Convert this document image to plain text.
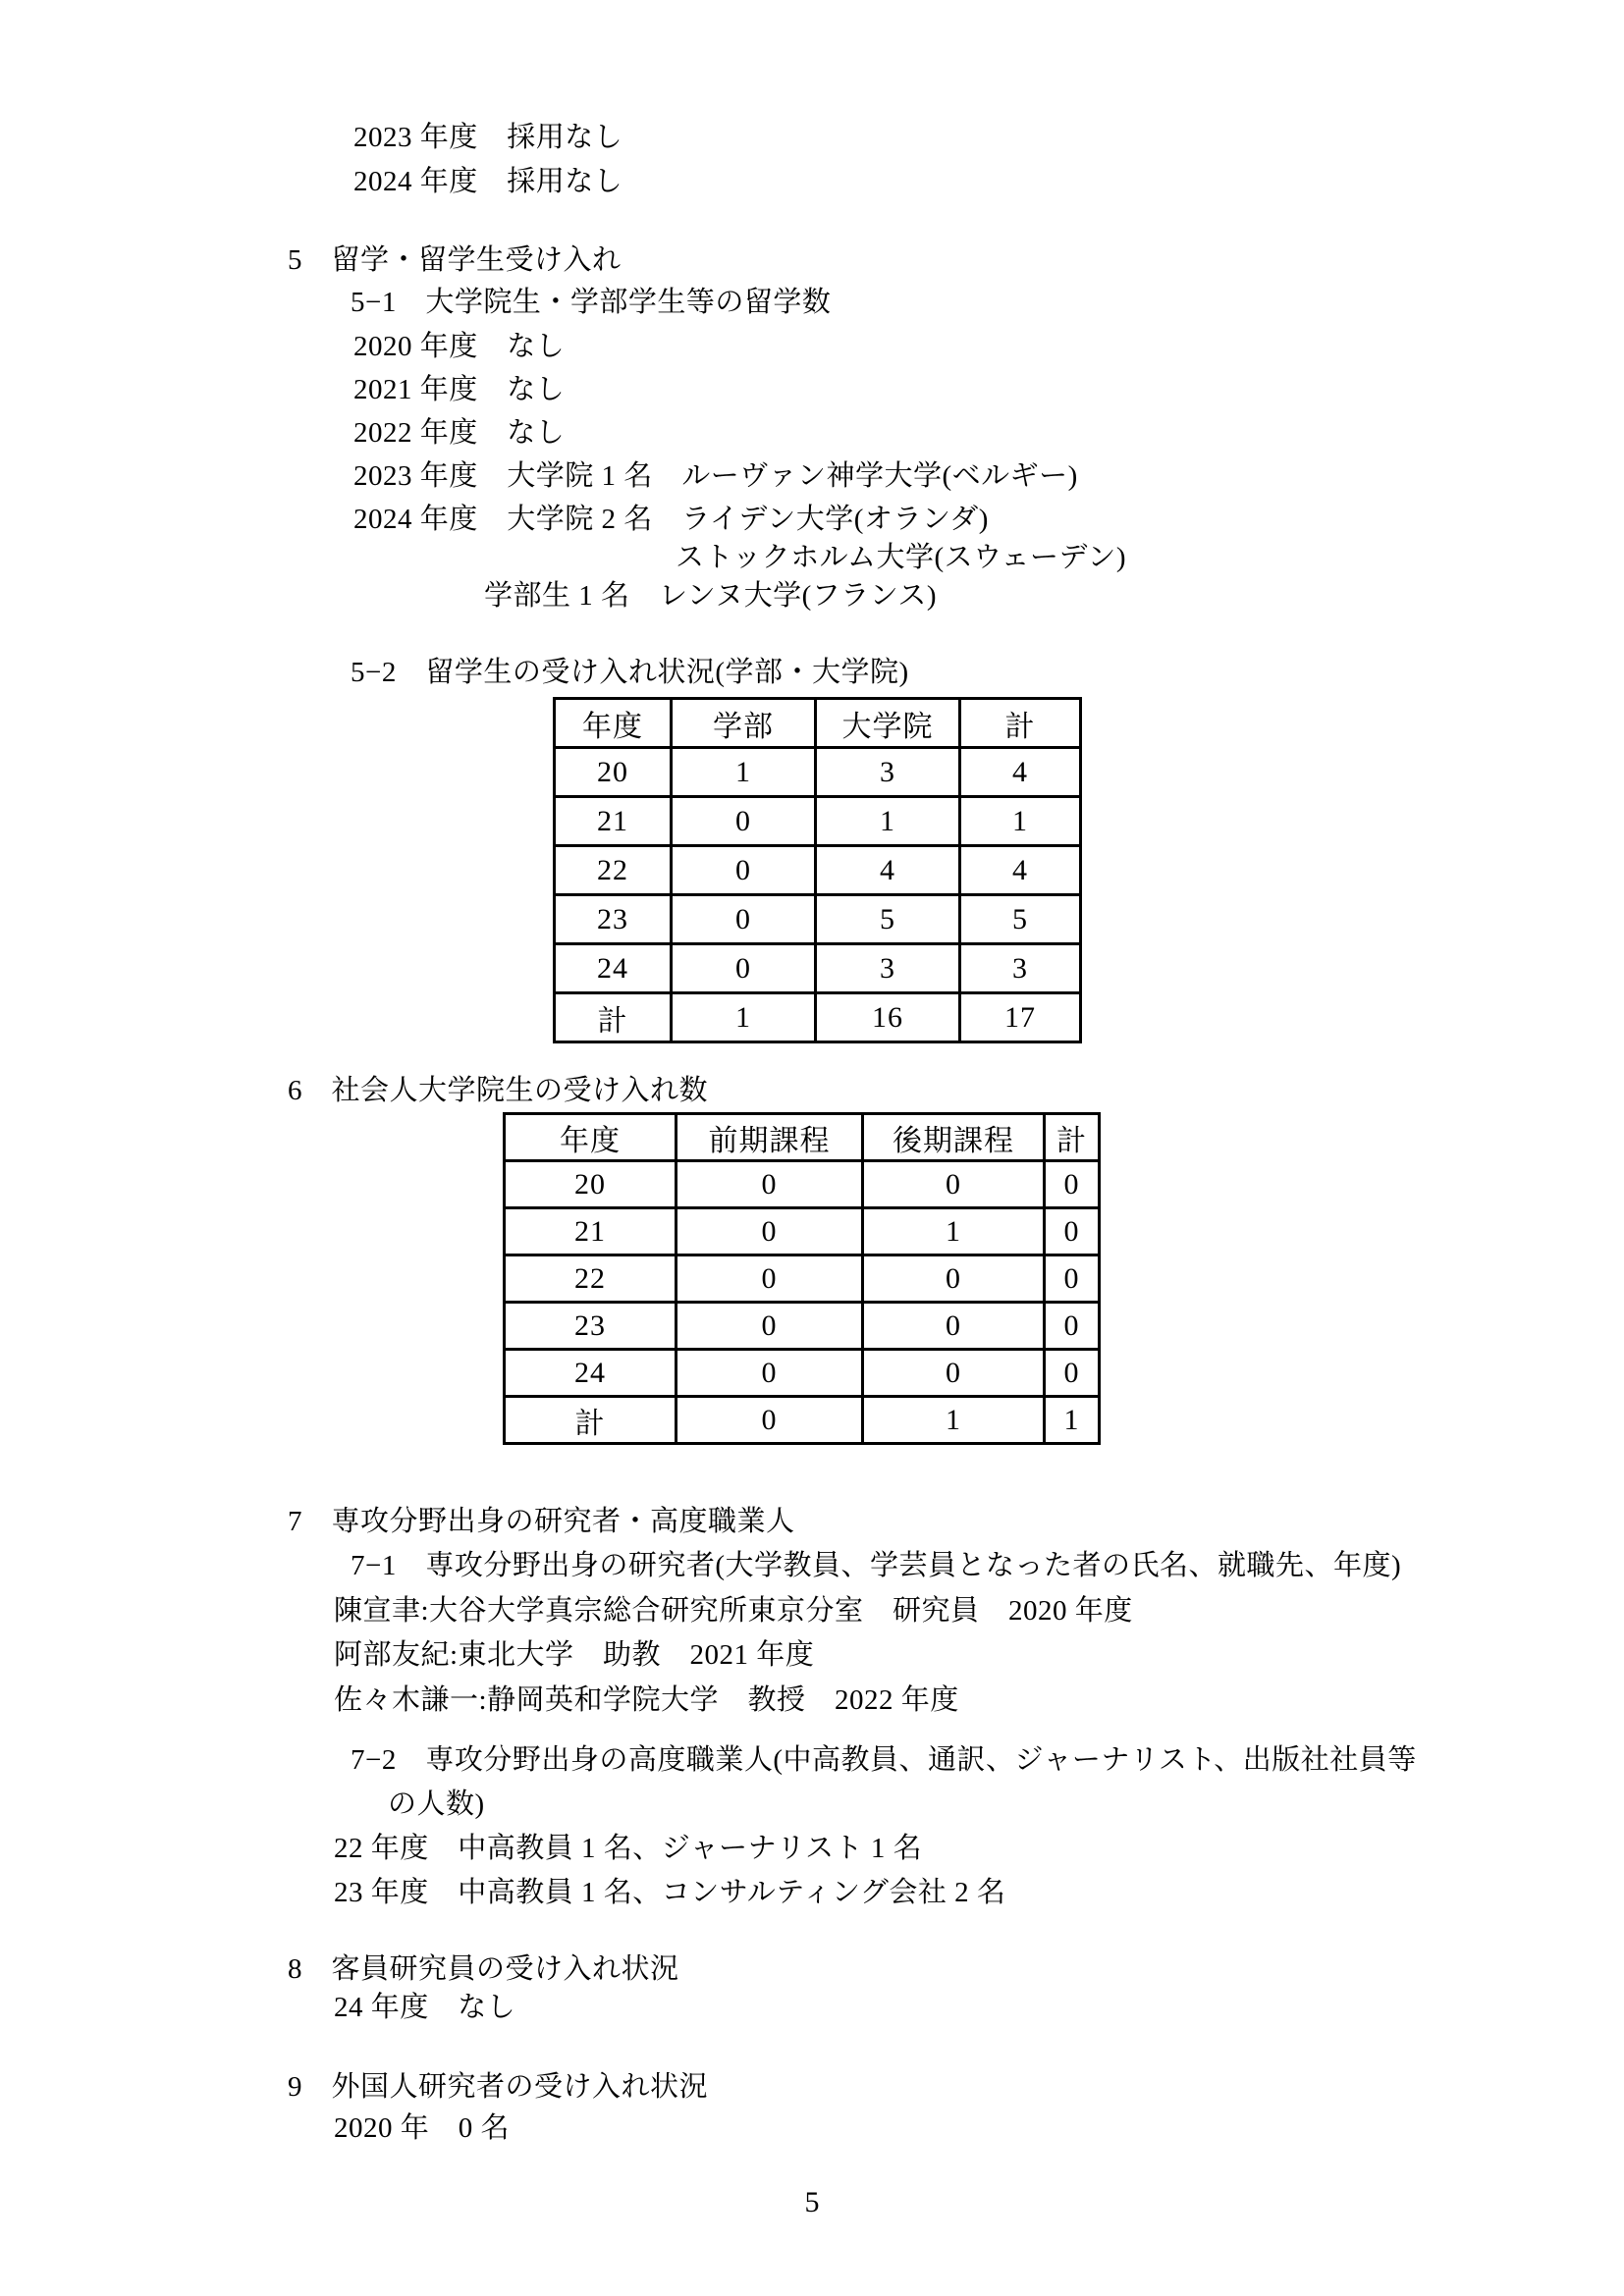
2023 年度　採用なし
2024 年度　採用なし
5　留学・留学生受け入れ
5−1　大学院生・学部学生等の留学数
2020 年度　なし
2021 年度　なし
2022 年度　なし
2023 年度　大学院 1 名　ルーヴァン神学大学(ベルギー)
2024 年度　大学院 2 名　ライデン大学(オランダ)
ストックホルム大学(スウェーデン)
学部生 1 名　レンヌ大学(フランス)
5−2　留学生の受け入れ状況(学部・大学院)
年度	学部	大学院	計
20	1	3	4
21	0	1	1
22	0	4	4
23	0	5	5
24	0	3	3
計	1	16	17
6　社会人大学院生の受け入れ数
年度	前期課程	後期課程	計
20	0	0	0
21	0	1	0
22	0	0	0
23	0	0	0
24	0	0	0
計	0	1	1
7　専攻分野出身の研究者・高度職業人
7−1　専攻分野出身の研究者(大学教員、学芸員となった者の氏名、就職先、年度)
陳宣聿:大谷大学真宗総合研究所東京分室　研究員　2020 年度
阿部友紀:東北大学　助教　2021 年度
佐々木謙一:静岡英和学院大学　教授　2022 年度
7−2　専攻分野出身の高度職業人(中高教員、通訳、ジャーナリスト、出版社社員等
の人数)
22 年度　中高教員 1 名、ジャーナリスト 1 名
23 年度　中高教員 1 名、コンサルティング会社 2 名
8　客員研究員の受け入れ状況
24 年度　なし
9　外国人研究者の受け入れ状況
2020 年　0 名
5
